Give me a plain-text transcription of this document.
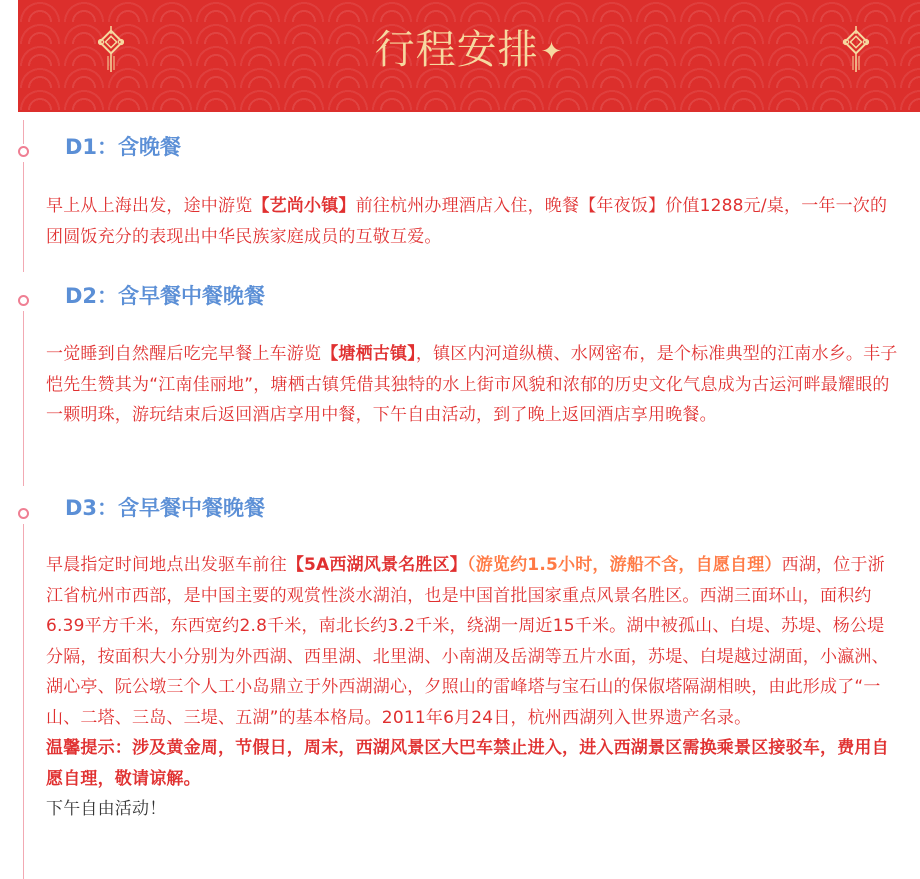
行程安排✦
D1：含晚餐
早上从上海出发，途中游览【艺尚小镇】前往杭州办理酒店入住，晚餐【年夜饭】价值1288元/桌，一年一次的团圆饭充分的表现出中华民族家庭成员的互敬互爱。
D2：含早餐中餐晚餐
一觉睡到自然醒后吃完早餐上车游览【塘栖古镇】，镇区内河道纵横、水网密布，是个标准典型的江南水乡。丰子恺先生赞其为“江南佳丽地”，塘栖古镇凭借其独特的水上街市风貌和浓郁的历史文化气息成为古运河畔最耀眼的一颗明珠，游玩结束后返回酒店享用中餐，下午自由活动，到了晚上返回酒店享用晚餐。
D3：含早餐中餐晚餐
早晨指定时间地点出发驱车前往【5A西湖风景名胜区】（游览约1.5小时，游船不含，自愿自理）西湖，位于浙江省杭州市西部，是中国主要的观赏性淡水湖泊，也是中国首批国家重点风景名胜区。西湖三面环山，面积约6.39平方千米，东西宽约2.8千米，南北长约3.2千米，绕湖一周近15千米。湖中被孤山、白堤、苏堤、杨公堤分隔，按面积大小分别为外西湖、西里湖、北里湖、小南湖及岳湖等五片水面，苏堤、白堤越过湖面，小瀛洲、湖心亭、阮公墩三个人工小岛鼎立于外西湖湖心，夕照山的雷峰塔与宝石山的保俶塔隔湖相映，由此形成了“一山、二塔、三岛、三堤、五湖”的基本格局。2011年6月24日，杭州西湖列入世界遗产名录。
温馨提示：涉及黄金周，节假日，周末，西湖风景区大巴车禁止进入，进入西湖景区需换乘景区接驳车，费用自愿自理，敬请谅解。
下午自由活动！
